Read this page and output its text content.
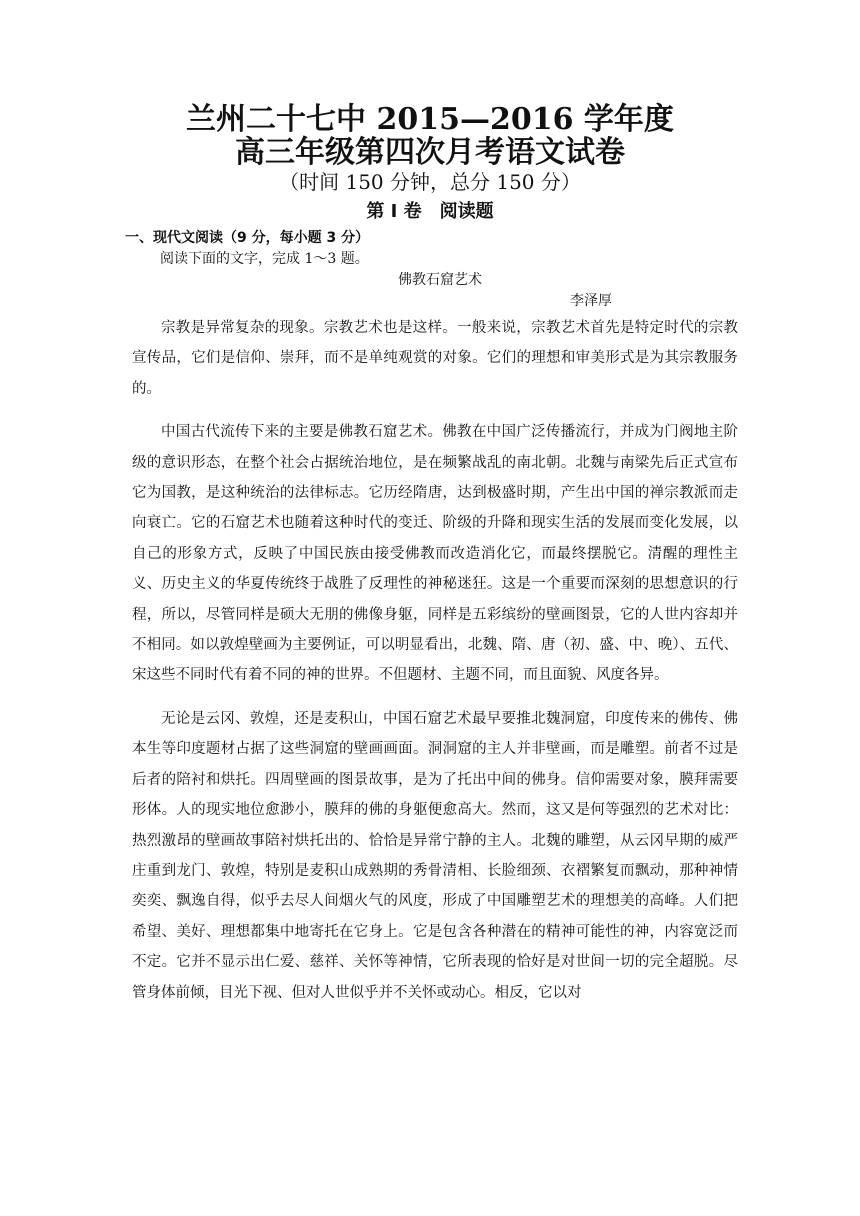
兰州二十七中 2015—2016 学年度
高三年级第四次月考语文试卷
（时间 150 分钟，总分 150 分）
第 I 卷　阅读题
一、现代文阅读（9 分，每小题 3 分）
阅读下面的文字，完成 1～3 题。
佛教石窟艺术
李泽厚

宗教是异常复杂的现象。宗教艺术也是这样。一般来说，宗教艺术首先是特定时代的宗教宣传品，它们是信仰、崇拜，而不是单纯观赏的对象。它们的理想和审美形式是为其宗教服务的。

中国古代流传下来的主要是佛教石窟艺术。佛教在中国广泛传播流行，并成为门阀地主阶级的意识形态，在整个社会占据统治地位，是在频繁战乱的南北朝。北魏与南梁先后正式宣布它为国教，是这种统治的法律标志。它历经隋唐，达到极盛时期，产生出中国的禅宗教派而走向衰亡。它的石窟艺术也随着这种时代的变迁、阶级的升降和现实生活的发展而变化发展，以自己的形象方式，反映了中国民族由接受佛教而改造消化它，而最终摆脱它。清醒的理性主义、历史主义的华夏传统终于战胜了反理性的神秘迷狂。这是一个重要而深刻的思想意识的行程，所以，尽管同样是硕大无朋的佛像身躯，同样是五彩缤纷的壁画图景，它的人世内容却并不相同。如以敦煌壁画为主要例证，可以明显看出，北魏、隋、唐（初、盛、中、晚）、五代、宋这些不同时代有着不同的神的世界。不但题材、主题不同，而且面貌、风度各异。

无论是云冈、敦煌，还是麦积山，中国石窟艺术最早要推北魏洞窟，印度传来的佛传、佛本生等印度题材占据了这些洞窟的壁画画面。洞洞窟的主人并非壁画，而是雕塑。前者不过是后者的陪衬和烘托。四周壁画的图景故事，是为了托出中间的佛身。信仰需要对象，膜拜需要形体。人的现实地位愈渺小，膜拜的佛的身躯便愈高大。然而，这又是何等强烈的艺术对比：热烈激昂的壁画故事陪衬烘托出的、恰恰是异常宁静的主人。北魏的雕塑，从云冈早期的威严庄重到龙门、敦煌，特别是麦积山成熟期的秀骨清相、长脸细颈、衣褶繁复而飘动，那种神情奕奕、飘逸自得，似乎去尽人间烟火气的风度，形成了中国雕塑艺术的理想美的高峰。人们把希望、美好、理想都集中地寄托在它身上。它是包含各种潜在的精神可能性的神，内容宽泛而不定。它并不显示出仁爱、慈祥、关怀等神情，它所表现的恰好是对世间一切的完全超脱。尽管身体前倾，目光下视、但对人世似乎并不关怀或动心。相反，它以对
